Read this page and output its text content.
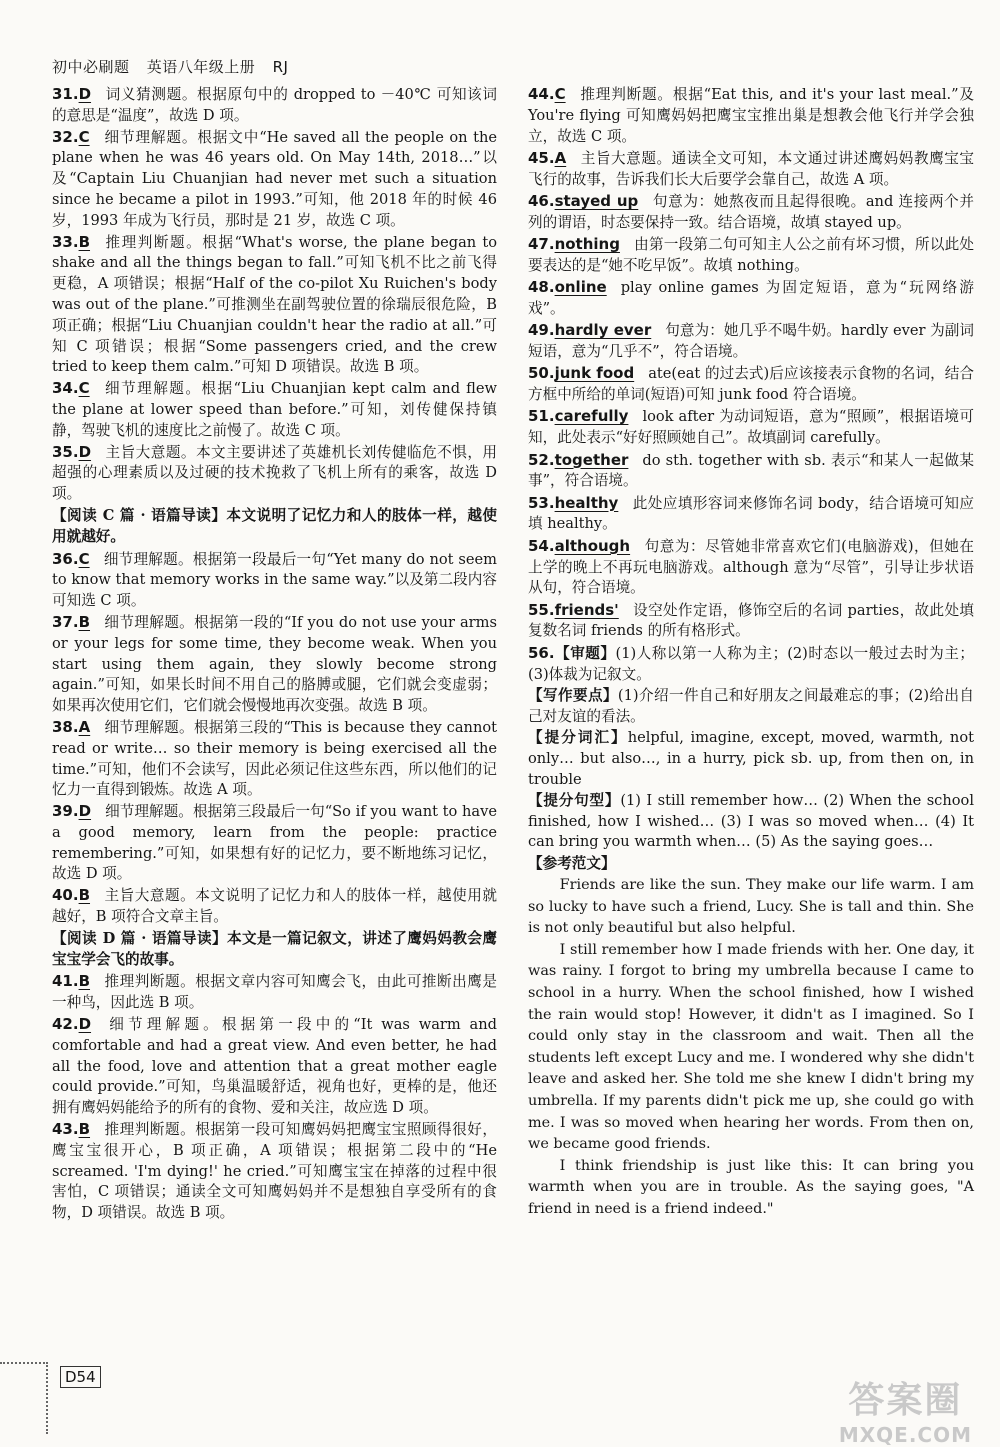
初中必刷题 英语八年级上册 RJ
31.D 词义猜测题。根据原句中的 dropped to －40℃ 可知该词的意思是“温度”，故选 D 项。
32.C 细节理解题。根据文中“He saved all the people on the plane when he was 46 years old. On May 14th, 2018…”以及“Captain Liu Chuanjian had never met such a situation since he became a pilot in 1993.”可知，他 2018 年的时候 46 岁，1993 年成为飞行员，那时是 21 岁，故选 C 项。
33.B 推理判断题。根据“What's worse, the plane began to shake and all the things began to fall.”可知飞机不比之前飞得更稳，A 项错误；根据“Half of the co-pilot Xu Ruichen's body was out of the plane.”可推测坐在副驾驶位置的徐瑞辰很危险，B 项正确；根据“Liu Chuanjian couldn't hear the radio at all.”可知 C 项错误；根据“Some passengers cried, and the crew tried to keep them calm.”可知 D 项错误。故选 B 项。
34.C 细节理解题。根据“Liu Chuanjian kept calm and flew the plane at lower speed than before.”可知，刘传健保持镇静，驾驶飞机的速度比之前慢了。故选 C 项。
35.D 主旨大意题。本文主要讲述了英雄机长刘传健临危不惧，用超强的心理素质以及过硬的技术挽救了飞机上所有的乘客，故选 D 项。
【阅读 C 篇 · 语篇导读】本文说明了记忆力和人的肢体一样，越使用就越好。
36.C 细节理解题。根据第一段最后一句“Yet many do not seem to know that memory works in the same way.”以及第二段内容可知选 C 项。
37.B 细节理解题。根据第一段的“If you do not use your arms or your legs for some time, they become weak. When you start using them again, they slowly become strong again.”可知，如果长时间不用自己的胳膊或腿，它们就会变虚弱；如果再次使用它们，它们就会慢慢地再次变强。故选 B 项。
38.A 细节理解题。根据第三段的“This is because they cannot read or write… so their memory is being exercised all the time.”可知，他们不会读写，因此必须记住这些东西，所以他们的记忆力一直得到锻炼。故选 A 项。
39.D 细节理解题。根据第三段最后一句“So if you want to have a good memory, learn from the people: practice remembering.”可知，如果想有好的记忆力，要不断地练习记忆，故选 D 项。
40.B 主旨大意题。本文说明了记忆力和人的肢体一样，越使用就越好，B 项符合文章主旨。
【阅读 D 篇 · 语篇导读】本文是一篇记叙文，讲述了鹰妈妈教会鹰宝宝学会飞的故事。
41.B 推理判断题。根据文章内容可知鹰会飞，由此可推断出鹰是一种鸟，因此选 B 项。
42.D 细节理解题。根据第一段中的“It was warm and comfortable and had a great view. And even better, he had all the food, love and attention that a great mother eagle could provide.”可知，鸟巢温暖舒适，视角也好，更棒的是，他还拥有鹰妈妈能给予的所有的食物、爱和关注，故应选 D 项。
43.B 推理判断题。根据第一段可知鹰妈妈把鹰宝宝照顾得很好，鹰宝宝很开心，B 项正确，A 项错误；根据第二段中的“He screamed. 'I'm dying!' he cried.”可知鹰宝宝在掉落的过程中很害怕，C 项错误；通读全文可知鹰妈妈并不是想独自享受所有的食物，D 项错误。故选 B 项。
44.C 推理判断题。根据“Eat this, and it's your last meal.”及 You're flying 可知鹰妈妈把鹰宝宝推出巢是想教会他飞行并学会独立，故选 C 项。
45.A 主旨大意题。通读全文可知，本文通过讲述鹰妈妈教鹰宝宝飞行的故事，告诉我们长大后要学会靠自己，故选 A 项。
46.stayed up 句意为：她熬夜而且起得很晚。and 连接两个并列的谓语，时态要保持一致。结合语境，故填 stayed up。
47.nothing 由第一段第二句可知主人公之前有坏习惯，所以此处要表达的是“她不吃早饭”。故填 nothing。
48.online play online games 为固定短语，意为“玩网络游戏”。
49.hardly ever 句意为：她几乎不喝牛奶。hardly ever 为副词短语，意为“几乎不”，符合语境。
50.junk food ate(eat 的过去式)后应该接表示食物的名词，结合方框中所给的单词(短语)可知 junk food 符合语境。
51.carefully look after 为动词短语，意为“照顾”，根据语境可知，此处表示“好好照顾她自己”。故填副词 carefully。
52.together do sth. together with sb. 表示“和某人一起做某事”，符合语境。
53.healthy 此处应填形容词来修饰名词 body，结合语境可知应填 healthy。
54.although 句意为：尽管她非常喜欢它们(电脑游戏)，但她在上学的晚上不再玩电脑游戏。although 意为“尽管”，引导让步状语从句，符合语境。
55.friends' 设空处作定语，修饰空后的名词 parties，故此处填复数名词 friends 的所有格形式。
56.【审题】(1)人称以第一人称为主；(2)时态以一般过去时为主；(3)体裁为记叙文。
【写作要点】(1)介绍一件自己和好朋友之间最难忘的事；(2)给出自己对友谊的看法。
【提分词汇】helpful, imagine, except, moved, warmth, not only… but also…, in a hurry, pick sb. up, from then on, in trouble
【提分句型】(1) I still remember how… (2) When the school finished, how I wished… (3) I was so moved when… (4) It can bring you warmth when… (5) As the saying goes…
【参考范文】

Friends are like the sun. They make our life warm. I am so lucky to have such a friend, Lucy. She is tall and thin. She is not only beautiful but also helpful.

I still remember how I made friends with her. One day, it was rainy. I forgot to bring my umbrella because I came to school in a hurry. When the school finished, how I wished the rain would stop! However, it didn't as I imagined. So I could only stay in the classroom and wait. Then all the students left except Lucy and me. I wondered why she didn't leave and asked her. She told me she knew I didn't bring my umbrella. If my parents didn't pick me up, she could go with me. I was so moved when hearing her words. From then on, we became good friends.

I think friendship is just like this: It can bring you warmth when you are in trouble. As the saying goes, "A friend in need is a friend indeed."

D54
答案圈
MXQE.COM
